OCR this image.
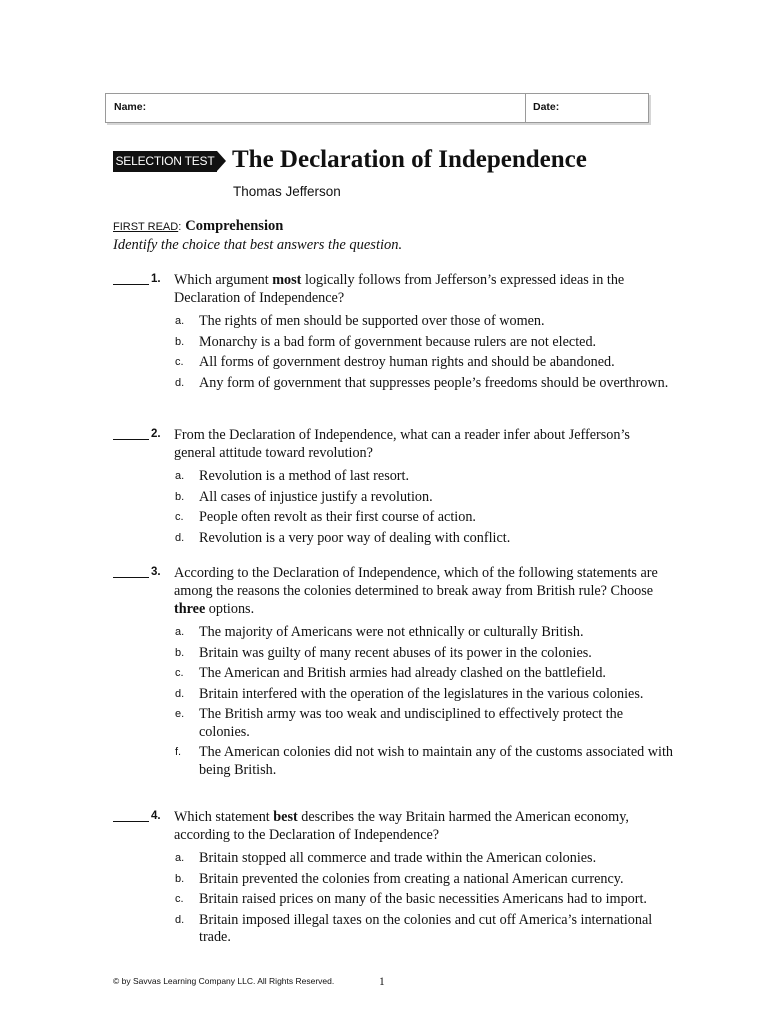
Name:	Date:
SELECTION TEST The Declaration of Independence
Thomas Jefferson
FIRST READ: Comprehension
Identify the choice that best answers the question.
1. Which argument most logically follows from Jefferson’s expressed ideas in the Declaration of Independence?
a. The rights of men should be supported over those of women.
b. Monarchy is a bad form of government because rulers are not elected.
c. All forms of government destroy human rights and should be abandoned.
d. Any form of government that suppresses people’s freedoms should be overthrown.
2. From the Declaration of Independence, what can a reader infer about Jefferson’s general attitude toward revolution?
a. Revolution is a method of last resort.
b. All cases of injustice justify a revolution.
c. People often revolt as their first course of action.
d. Revolution is a very poor way of dealing with conflict.
3. According to the Declaration of Independence, which of the following statements are among the reasons the colonies determined to break away from British rule? Choose three options.
a. The majority of Americans were not ethnically or culturally British.
b. Britain was guilty of many recent abuses of its power in the colonies.
c. The American and British armies had already clashed on the battlefield.
d. Britain interfered with the operation of the legislatures in the various colonies.
e. The British army was too weak and undisciplined to effectively protect the colonies.
f. The American colonies did not wish to maintain any of the customs associated with being British.
4. Which statement best describes the way Britain harmed the American economy, according to the Declaration of Independence?
a. Britain stopped all commerce and trade within the American colonies.
b. Britain prevented the colonies from creating a national American currency.
c. Britain raised prices on many of the basic necessities Americans had to import.
d. Britain imposed illegal taxes on the colonies and cut off America’s international trade.
© by Savvas Learning Company LLC. All Rights Reserved.	1
